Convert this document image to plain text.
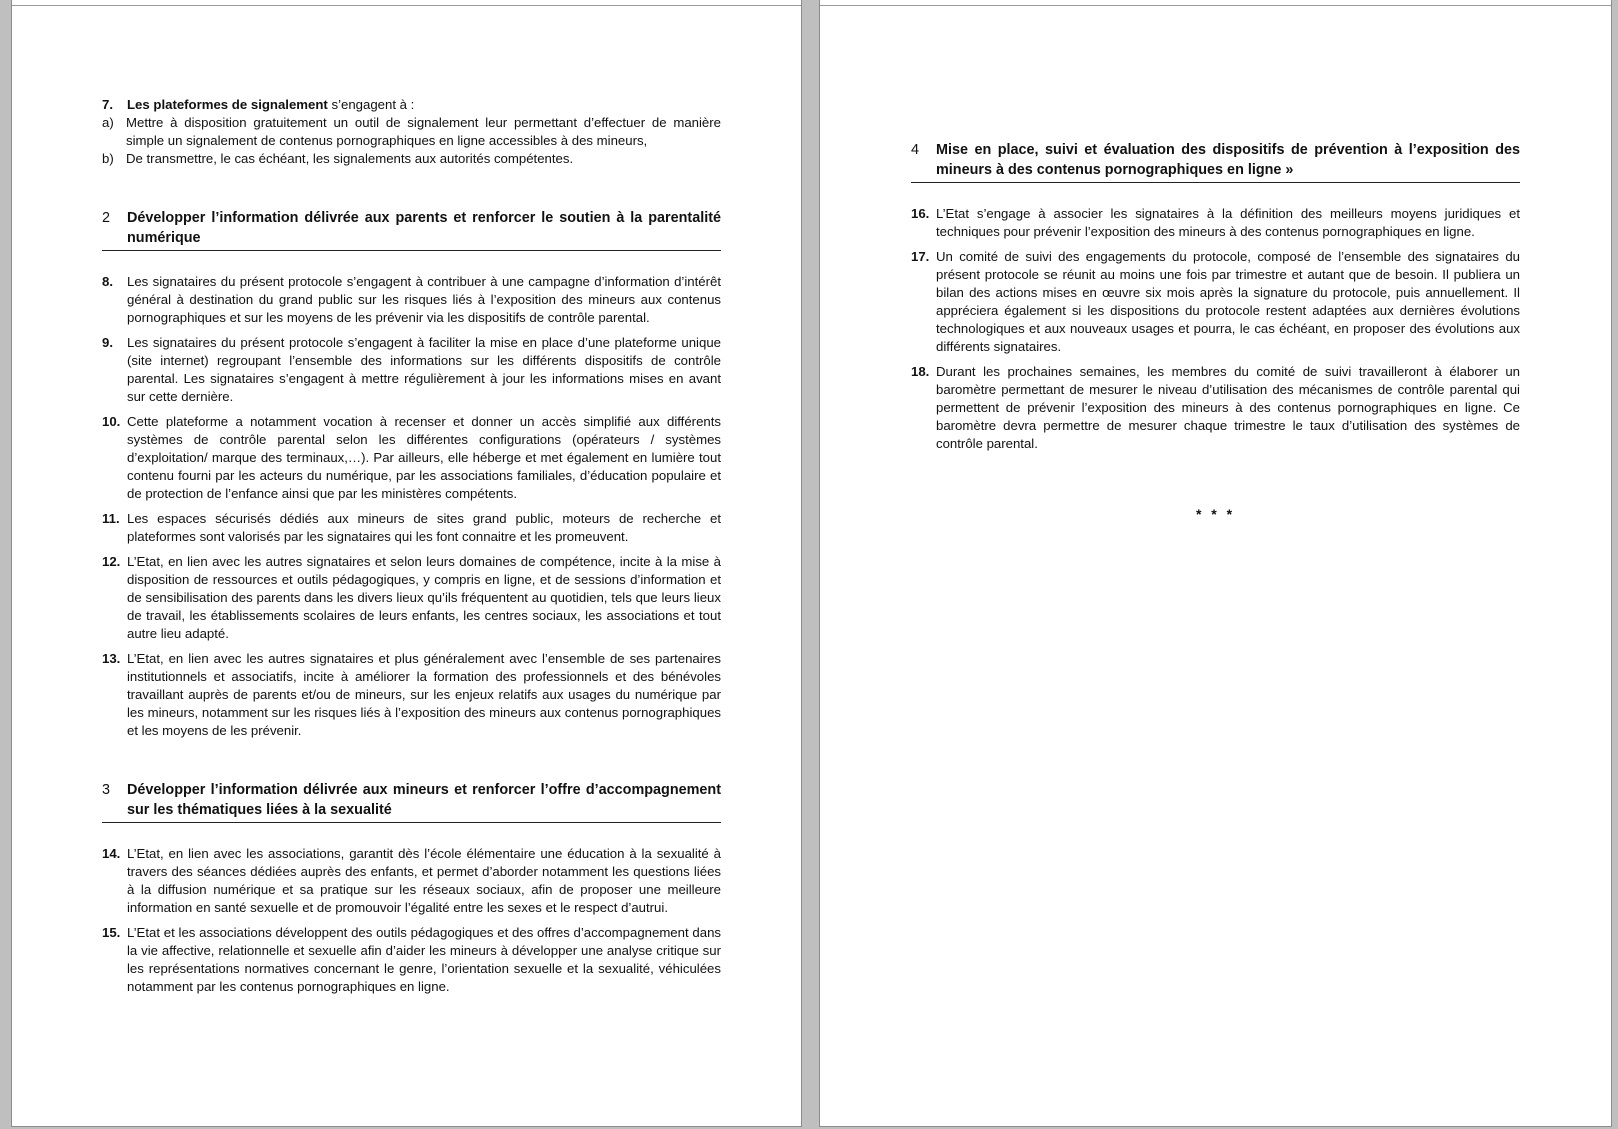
7.	Les plateformes de signalement s’engagent à :
a) Mettre à disposition gratuitement un outil de signalement leur permettant d’effectuer de manière simple un signalement de contenus pornographiques en ligne accessibles à des mineurs,
b) De transmettre, le cas échéant, les signalements aux autorités compétentes.
2	Développer l’information délivrée aux parents et renforcer le soutien à la parentalité numérique
8.	Les signataires du présent protocole s’engagent à contribuer à une campagne d’information d’intérêt général à destination du grand public sur les risques liés à l’exposition des mineurs aux contenus pornographiques et sur les moyens de les prévenir via les dispositifs de contrôle parental.
9.	Les signataires du présent protocole s’engagent à faciliter la mise en place d’une plateforme unique (site internet) regroupant l’ensemble des informations sur les différents dispositifs de contrôle parental. Les signataires s’engagent à mettre régulièrement à jour les informations mises en avant sur cette dernière.
10. Cette plateforme a notamment vocation à recenser et donner un accès simplifié aux différents systèmes de contrôle parental selon les différentes configurations (opérateurs / systèmes d’exploitation/ marque des terminaux,…). Par ailleurs, elle héberge et met également en lumière tout contenu fourni par les acteurs du numérique, par les associations familiales, d’éducation populaire et de protection de l’enfance ainsi que par les ministères compétents.
11. Les espaces sécurisés dédiés aux mineurs de sites grand public, moteurs de recherche et plateformes sont valorisés par les signataires qui les font connaitre et les promeuvent.
12. L’Etat, en lien avec les autres signataires et selon leurs domaines de compétence, incite à la mise à disposition de ressources et outils pédagogiques, y compris en ligne, et de sessions d’information et de sensibilisation des parents dans les divers lieux qu’ils fréquentent au quotidien, tels que leurs lieux de travail, les établissements scolaires de leurs enfants, les centres sociaux, les associations et tout autre lieu adapté.
13. L’Etat, en lien avec les autres signataires et plus généralement avec l’ensemble de ses partenaires institutionnels et associatifs, incite à améliorer la formation des professionnels et des bénévoles travaillant auprès de parents et/ou de mineurs, sur les enjeux relatifs aux usages du numérique par les mineurs, notamment sur les risques liés à l’exposition des mineurs aux contenus pornographiques et les moyens de les prévenir.
3	Développer l’information délivrée aux mineurs et renforcer l’offre d’accompagnement sur les thématiques liées à la sexualité
14. L’Etat, en lien avec les associations, garantit dès l’école élémentaire une éducation à la sexualité à travers des séances dédiées auprès des enfants, et permet d’aborder notamment les questions liées à la diffusion numérique et sa pratique sur les réseaux sociaux, afin de proposer une meilleure information en santé sexuelle et de promouvoir l’égalité entre les sexes et le respect d’autrui.
15. L’Etat et les associations développent des outils pédagogiques et des offres d’accompagnement dans la vie affective, relationnelle et sexuelle afin d’aider les mineurs à développer une analyse critique sur les représentations normatives concernant le genre, l’orientation sexuelle et la sexualité, véhiculées notamment par les contenus pornographiques en ligne.
4	Mise en place, suivi et évaluation des dispositifs de prévention à l’exposition des mineurs à des contenus pornographiques en ligne »
16. L’Etat s’engage à associer les signataires à la définition des meilleurs moyens juridiques et techniques pour prévenir l’exposition des mineurs à des contenus pornographiques en ligne.
17. Un comité de suivi des engagements du protocole, composé de l’ensemble des signataires du présent protocole se réunit au moins une fois par trimestre et autant que de besoin. Il publiera un bilan des actions mises en œuvre six mois après la signature du protocole, puis annuellement. Il appréciera également si les dispositions du protocole restent adaptées aux dernières évolutions technologiques et aux nouveaux usages et pourra, le cas échéant, en proposer des évolutions aux différents signataires.
18. Durant les prochaines semaines, les membres du comité de suivi travailleront à élaborer un baromètre permettant de mesurer le niveau d’utilisation des mécanismes de contrôle parental qui permettent de prévenir l’exposition des mineurs à des contenus pornographiques en ligne. Ce baromètre devra permettre de mesurer chaque trimestre le taux d’utilisation des systèmes de contrôle parental.
* * *
